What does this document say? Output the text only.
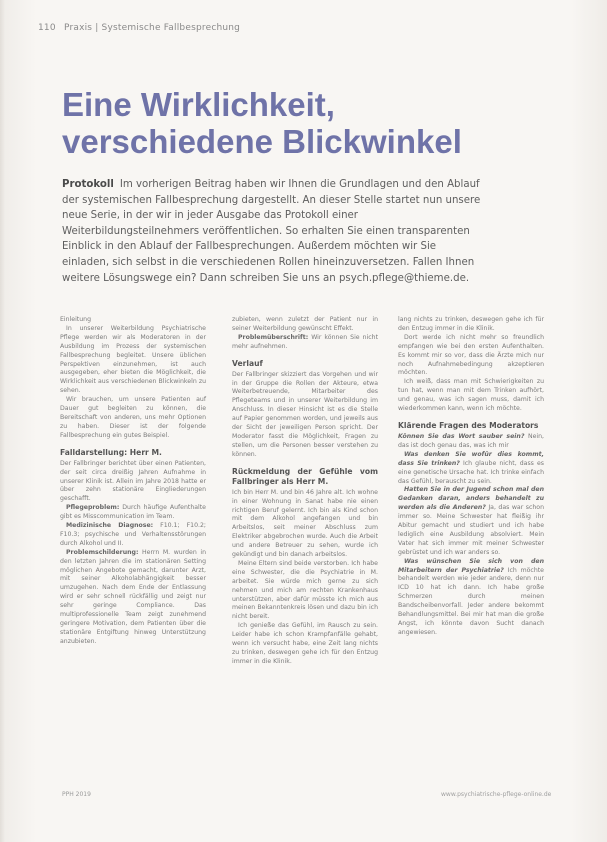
110 Praxis | Systemische Fallbesprechung
Eine Wirklichkeit, verschiedene Blickwinkel

Protokoll Im vorherigen Beitrag haben wir Ihnen die Grundlagen und den Ablauf der systemischen Fallbesprechung dargestellt. An dieser Stelle startet nun unsere neue Serie, in der wir in jeder Ausgabe das Protokoll einer Weiterbildungsteilnehmers veröffentlichen. So erhalten Sie einen transparenten Einblick in den Ablauf der Fallbesprechungen. Außerdem möchten wir Sie einladen, sich selbst in die verschiedenen Rollen hineinzuversetzen. Fallen Ihnen weitere Lösungswege ein? Dann schreiben Sie uns an psych.pflege@thieme.de.

Einleitung

In unserer Weiterbildung Psychiatrische Pflege werden wir als Moderatoren in der Ausbildung im Prozess der systemischen Fallbesprechung begleitet. Unsere üblichen Perspektiven einzunehmen, ist auch ausgegeben, eher bieten die Möglichkeit, die Wirklichkeit aus verschiedenen Blickwinkeln zu sehen.

Wir brauchen, um unsere Patienten auf Dauer gut begleiten zu können, die Bereitschaft von anderen, uns mehr Optionen zu haben. Dieser ist der folgende Fallbesprechung ein gutes Beispiel.

Falldarstellung: Herr M.

Der Fallbringer berichtet über einen Patienten, der seit circa dreißig Jahren Aufnahme in unserer Klinik ist. Allein im Jahre 2018 hatte er über zehn stationäre Eingliederungen geschafft.

Pflegeproblem: Durch häufige Aufenthalte gibt es Misscommunication im Team.

Medizinische Diagnose: F10.1; F10.2; F10.3; psychische und Verhaltensstörungen durch Alkohol und II.

Problemschilderung: Herrn M. wurden in den letzten Jahren die im stationären Setting möglichen Angebote gemacht, darunter Arzt, mit seiner Alkoholabhängigkeit besser umzugehen. Nach dem Ende der Entlassung wird er sehr schnell rückfällig und zeigt nur sehr geringe Compliance. Das multiprofessionelle Team zeigt zunehmend geringere Motivation, dem Patienten über die stationäre Entgiftung hinweg Unterstützung anzubieten.

zubieten, wenn zuletzt der Patient nur in seiner Weiterbildung gewünscht Effekt.

Problemüberschrift: Wir können Sie nicht mehr aufnehmen.

Verlauf

Der Fallbringer skizziert das Vorgehen und wir in der Gruppe die Rollen der Akteure, etwa Weiterbetreuende, Mitarbeiter des Pflegeteams und in unserer Weiterbildung im Anschluss. In dieser Hinsicht ist es die Stelle auf Papier genommen worden, und jeweils aus der Sicht der jeweiligen Person spricht. Der Moderator fasst die Möglichkeit, Fragen zu stellen, um die Personen besser verstehen zu können.

Rückmeldung der Gefühle vom Fallbringer als Herr M.

Ich bin Herr M. und bin 46 Jahre alt. Ich wohne in einer Wohnung in Sanat habe nie einen richtigen Beruf gelernt. Ich bin als Kind schon mit dem Alkohol angefangen und bin Arbeitslos, seit meiner Abschluss zum Elektriker abgebrochen wurde. Auch die Arbeit und andere Betreuer zu sehen, wurde ich gekündigt und bin danach arbeitslos.

Meine Eltern sind beide verstorben. Ich habe eine Schwester, die die Psychiatrie in M. arbeitet. Sie würde mich gerne zu sich nehmen und mich am rechten Krankenhaus unterstützen, aber dafür müsste ich mich aus meinen Bekanntenkreis lösen und dazu bin ich nicht bereit.

Ich genieße das Gefühl, im Rausch zu sein. Leider habe ich schon Krampfanfälle gehabt, wenn ich versucht habe, eine Zeit lang nichts zu trinken, deswegen gehe ich für den Entzug immer in die Klinik.

lang nichts zu trinken, deswegen gehe ich für den Entzug immer in die Klinik.

Dort werde ich nicht mehr so freundlich empfangen wie bei den ersten Aufenthalten. Es kommt mir so vor, dass die Ärzte mich nur noch Aufnahmebedingung akzeptieren möchten.

Ich weiß, dass man mit Schwierigkeiten zu tun hat, wenn man mit dem Trinken aufhört, und genau, was ich sagen muss, damit ich wiederkommen kann, wenn ich möchte.

Klärende Fragen des Moderators

Können Sie das Wort sauber sein? Nein, das ist doch genau das, was ich mir

Was denken Sie wofür dies kommt, dass Sie trinken? Ich glaube nicht, dass es eine genetische Ursache hat. Ich trinke einfach das Gefühl, berauscht zu sein.

Hatten Sie in der Jugend schon mal den Gedanken daran, anders behandelt zu werden als die Anderen? Ja, das war schon immer so. Meine Schwester hat fleißig ihr Abitur gemacht und studiert und ich habe lediglich eine Ausbildung absolviert. Mein Vater hat sich immer mit meiner Schwester gebrüstet und ich war anders so.

Was wünschen Sie sich von den Mitarbeitern der Psychiatrie? Ich möchte behandelt werden wie jeder andere, denn nur ICD 10 hat ich dann. Ich habe große Schmerzen durch meinen Bandscheibenvorfall. Jeder andere bekommt Behandlungsmittel. Bei mir hat man die große Angst, ich könnte davon Sucht danach angewiesen.

PPH 2019	www.psychiatrische-pflege-online.de
